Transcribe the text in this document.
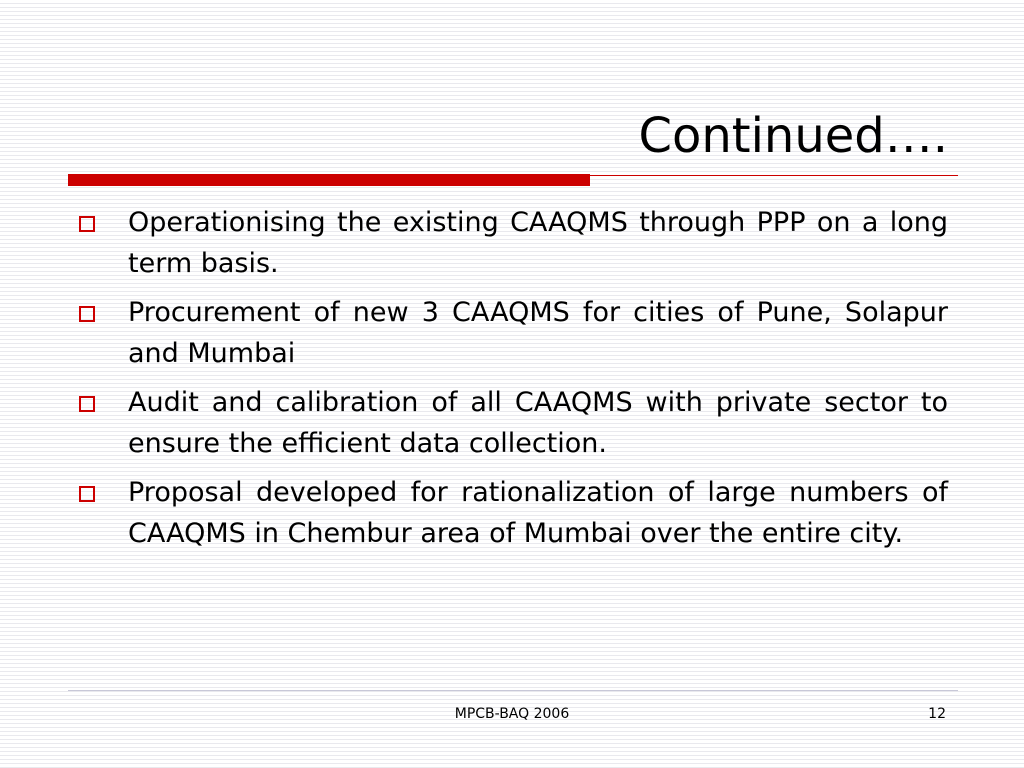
Continued….
Operationising the existing CAAQMS through PPP on a long term basis.
Procurement of new 3 CAAQMS for cities of Pune, Solapur and Mumbai
Audit and calibration of all CAAQMS with private sector to ensure the efficient data collection.
Proposal developed for rationalization of large numbers of CAAQMS in Chembur area of Mumbai over the entire city.
MPCB-BAQ 2006	12
